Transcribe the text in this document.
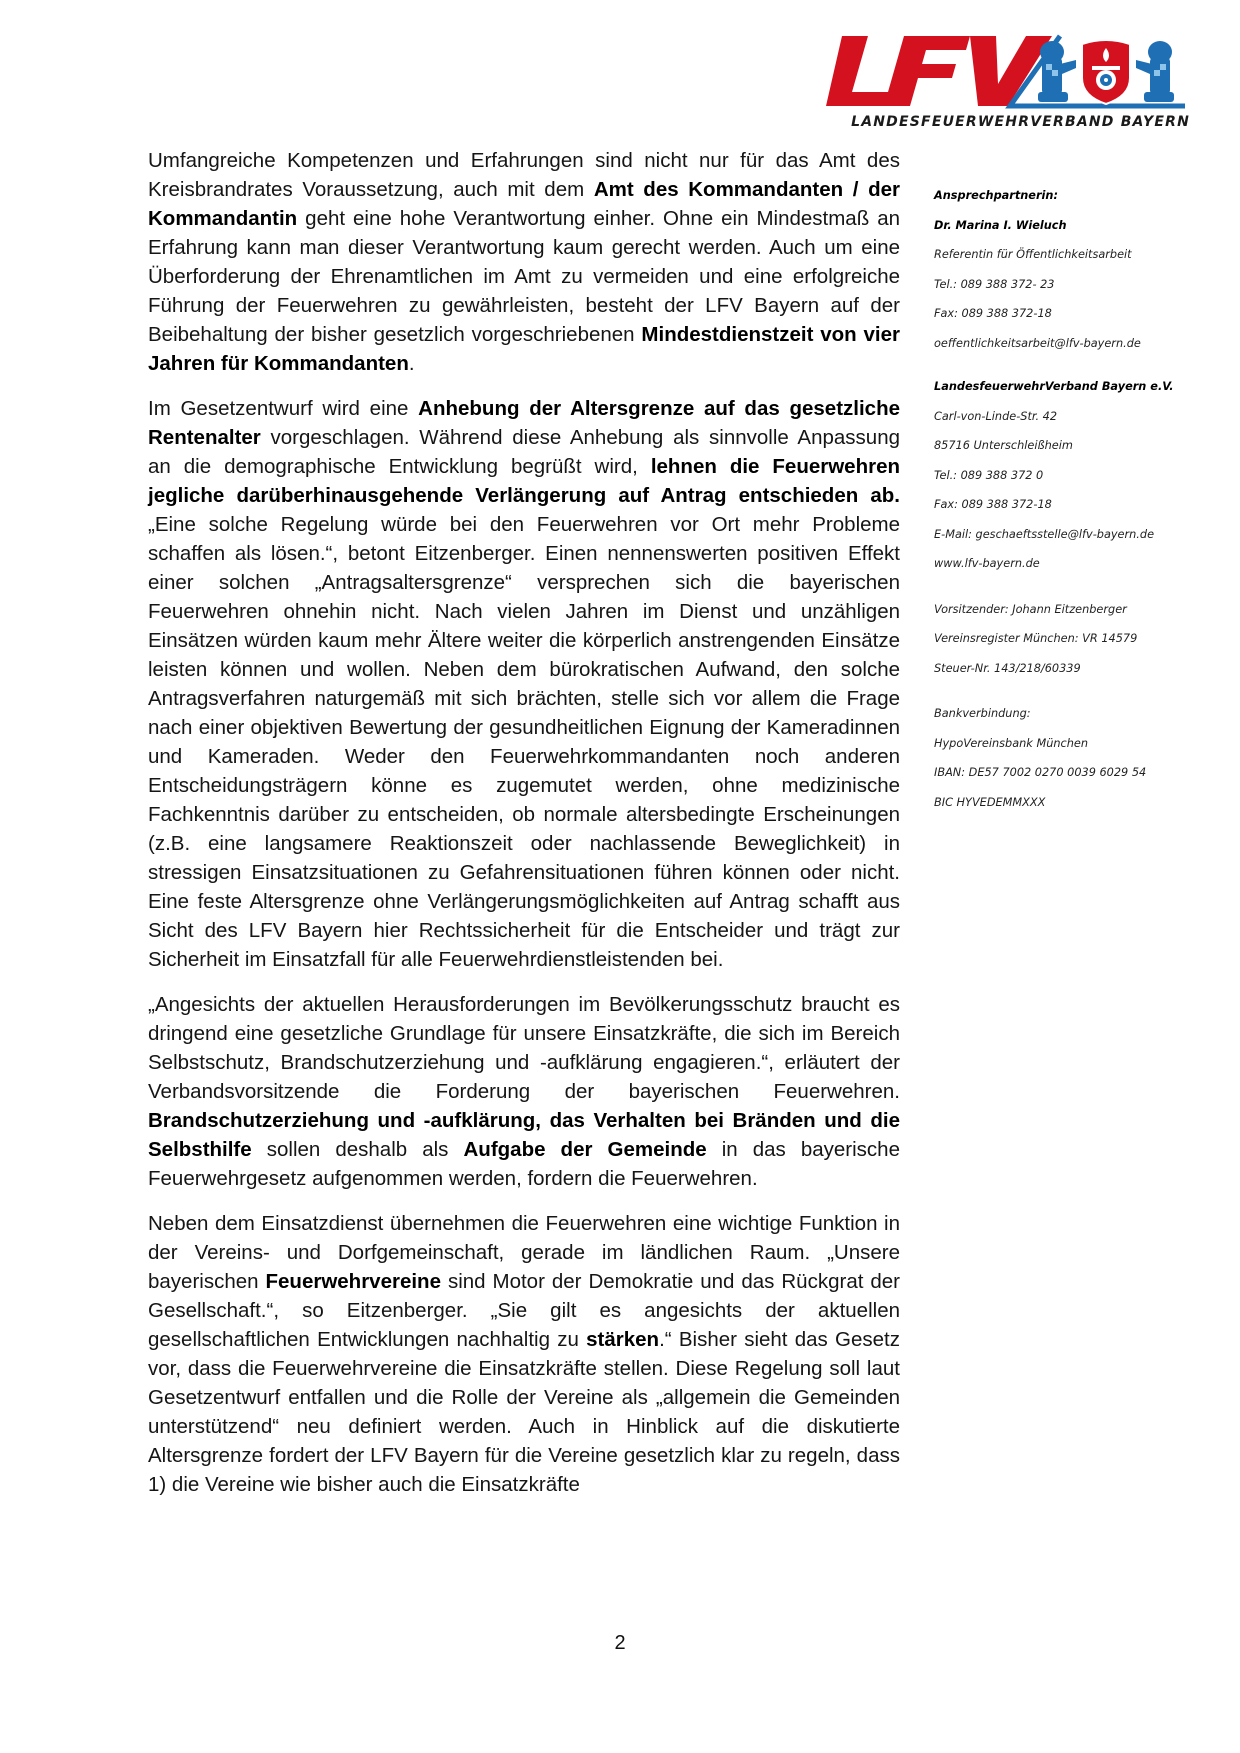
LANDESFEUERWEHRVERBAND BAYERN

Umfangreiche Kompetenzen und Erfahrungen sind nicht nur für das Amt des Kreisbrandrates Voraussetzung, auch mit dem Amt des Kommandanten / der Kommandantin geht eine hohe Verantwortung einher. Ohne ein Mindestmaß an Erfahrung kann man dieser Verantwortung kaum gerecht werden. Auch um eine Überforderung der Ehrenamtlichen im Amt zu vermeiden und eine erfolgreiche Führung der Feuerwehren zu gewährleisten, besteht der LFV Bayern auf der Beibehaltung der bisher gesetzlich vorgeschriebenen Mindestdienstzeit von vier Jahren für Kommandanten.

Im Gesetzentwurf wird eine Anhebung der Altersgrenze auf das gesetzliche Rentenalter vorgeschlagen. Während diese Anhebung als sinnvolle Anpassung an die demographische Entwicklung begrüßt wird, lehnen die Feuerwehren jegliche darüberhinausgehende Verlängerung auf Antrag entschieden ab. „Eine solche Regelung würde bei den Feuerwehren vor Ort mehr Probleme schaffen als lösen.“, betont Eitzenberger. Einen nennenswerten positiven Effekt einer solchen „Antragsaltersgrenze“ versprechen sich die bayerischen Feuerwehren ohnehin nicht. Nach vielen Jahren im Dienst und unzähligen Einsätzen würden kaum mehr Ältere weiter die körperlich anstrengenden Einsätze leisten können und wollen. Neben dem bürokratischen Aufwand, den solche Antragsverfahren naturgemäß mit sich brächten, stelle sich vor allem die Frage nach einer objektiven Bewertung der gesundheitlichen Eignung der Kameradinnen und Kameraden. Weder den Feuerwehrkommandanten noch anderen Entscheidungsträgern könne es zugemutet werden, ohne medizinische Fachkenntnis darüber zu entscheiden, ob normale altersbedingte Erscheinungen (z.B. eine langsamere Reaktionszeit oder nachlassende Beweglichkeit) in stressigen Einsatzsituationen zu Gefahrensituationen führen können oder nicht. Eine feste Altersgrenze ohne Verlängerungsmöglichkeiten auf Antrag schafft aus Sicht des LFV Bayern hier Rechtssicherheit für die Entscheider und trägt zur Sicherheit im Einsatzfall für alle Feuerwehrdienstleistenden bei.

„Angesichts der aktuellen Herausforderungen im Bevölkerungsschutz braucht es dringend eine gesetzliche Grundlage für unsere Einsatzkräfte, die sich im Bereich Selbstschutz, Brandschutzerziehung und -aufklärung engagieren.“, erläutert der Verbandsvorsitzende die Forderung der bayerischen Feuerwehren. Brandschutzerziehung und -aufklärung, das Verhalten bei Bränden und die Selbsthilfe sollen deshalb als Aufgabe der Gemeinde in das bayerische Feuerwehrgesetz aufgenommen werden, fordern die Feuerwehren.

Neben dem Einsatzdienst übernehmen die Feuerwehren eine wichtige Funktion in der Vereins- und Dorfgemeinschaft, gerade im ländlichen Raum. „Unsere bayerischen Feuerwehrvereine sind Motor der Demokratie und das Rückgrat der Gesellschaft.“, so Eitzenberger. „Sie gilt es angesichts der aktuellen gesellschaftlichen Entwicklungen nachhaltig zu stärken.“ Bisher sieht das Gesetz vor, dass die Feuerwehrvereine die Einsatzkräfte stellen. Diese Regelung soll laut Gesetzentwurf entfallen und die Rolle der Vereine als „allgemein die Gemeinden unterstützend“ neu definiert werden. Auch in Hinblick auf die diskutierte Altersgrenze fordert der LFV Bayern für die Vereine gesetzlich klar zu regeln, dass 1) die Vereine wie bisher auch die Einsatzkräfte

Ansprechpartnerin:
Dr. Marina I. Wieluch
Referentin für Öffentlichkeitsarbeit
Tel.: 089 388 372- 23
Fax: 089 388 372-18
oeffentlichkeitsarbeit@lfv-bayern.de
LandesfeuerwehrVerband Bayern e.V.
Carl-von-Linde-Str. 42
85716 Unterschleißheim
Tel.: 089 388 372 0
Fax: 089 388 372-18
E-Mail: geschaeftsstelle@lfv-bayern.de
www.lfv-bayern.de
Vorsitzender: Johann Eitzenberger
Vereinsregister München: VR 14579
Steuer-Nr. 143/218/60339
Bankverbindung:
HypoVereinsbank München
IBAN: DE57 7002 0270 0039 6029 54
BIC HYVEDEMMXXX
2
